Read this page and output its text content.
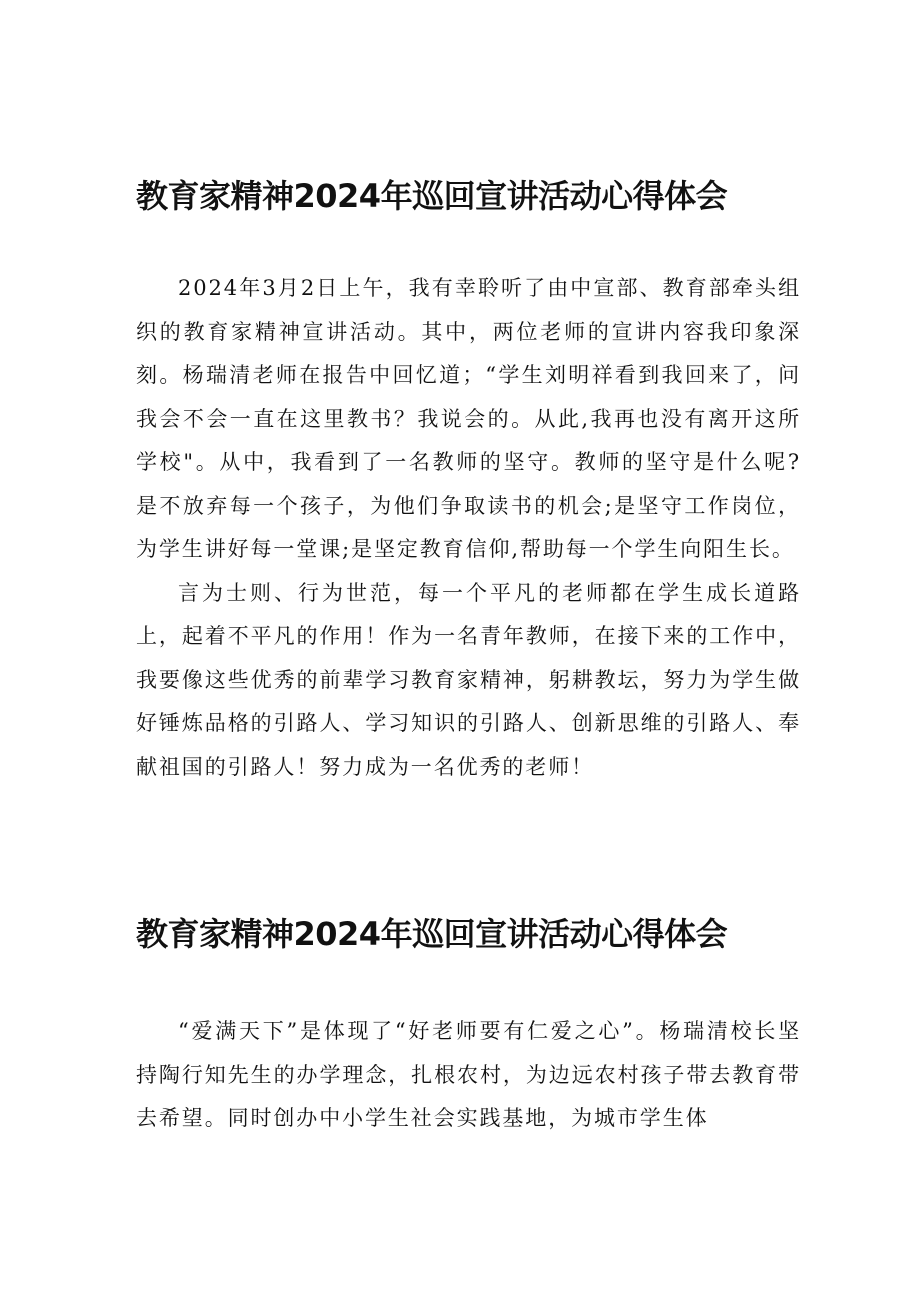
教育家精神2024年巡回宣讲活动心得体会

2024年3月2日上午，我有幸聆听了由中宣部、教育部牵头组织的教育家精神宣讲活动。其中，两位老师的宣讲内容我印象深刻。杨瑞清老师在报告中回忆道；“学生刘明祥看到我回来了，问我会不会一直在这里教书？我说会的。从此,我再也没有离开这所学校"。从中，我看到了一名教师的坚守。教师的坚守是什么呢?是不放弃每一个孩子，为他们争取读书的机会;是坚守工作岗位，为学生讲好每一堂课;是坚定教育信仰,帮助每一个学生向阳生长。

言为士则、行为世范，每一个平凡的老师都在学生成长道路上，起着不平凡的作用！作为一名青年教师，在接下来的工作中，我要像这些优秀的前辈学习教育家精神，躬耕教坛，努力为学生做好锤炼品格的引路人、学习知识的引路人、创新思维的引路人、奉献祖国的引路人！努力成为一名优秀的老师！

教育家精神2024年巡回宣讲活动心得体会

“爱满天下”是体现了“好老师要有仁爱之心”。杨瑞清校长坚持陶行知先生的办学理念，扎根农村，为边远农村孩子带去教育带去希望。同时创办中小学生社会实践基地，为城市学生体
